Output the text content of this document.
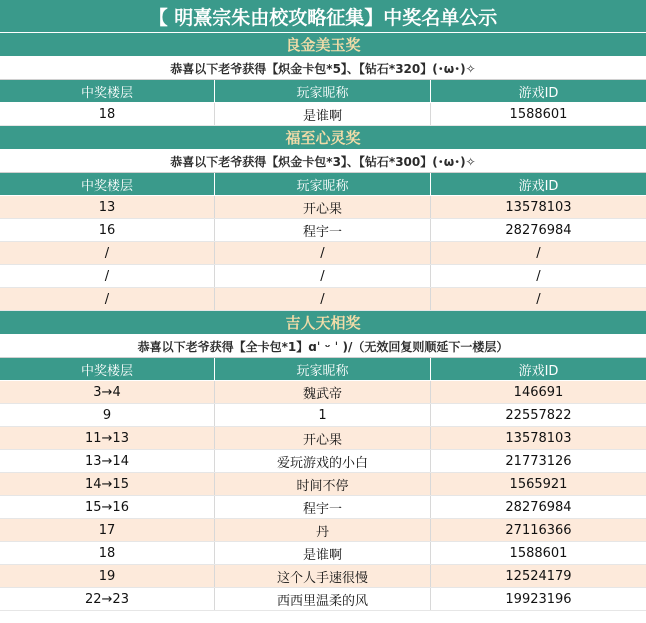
【 明熹宗朱由校攻略征集】中奖名单公示
良金美玉奖
恭喜以下老爷获得【炽金卡包*5】、【钻石*320】(･ω･)✧
中奖楼层	玩家昵称	游戏ID
18	是谁啊	1588601
福至心灵奖
恭喜以下老爷获得【炽金卡包*3】、【钻石*300】(･ω･)✧
中奖楼层	玩家昵称	游戏ID
13	开心果	13578103
16	程宇一	28276984
/	/	/
/	/	/
/	/	/
吉人天相奖
恭喜以下老爷获得【全卡包*1】ɑˈ ᵕ ˈ )/（无效回复则顺延下一楼层）
中奖楼层	玩家昵称	游戏ID
3→4	魏武帝	146691
9	1	22557822
11→13	开心果	13578103
13→14	爱玩游戏的小白	21773126
14→15	时间不停	1565921
15→16	程宇一	28276984
17	丹	27116366
18	是谁啊	1588601
19	这个人手速很慢	12524179
22→23	西西里温柔的风	19923196
